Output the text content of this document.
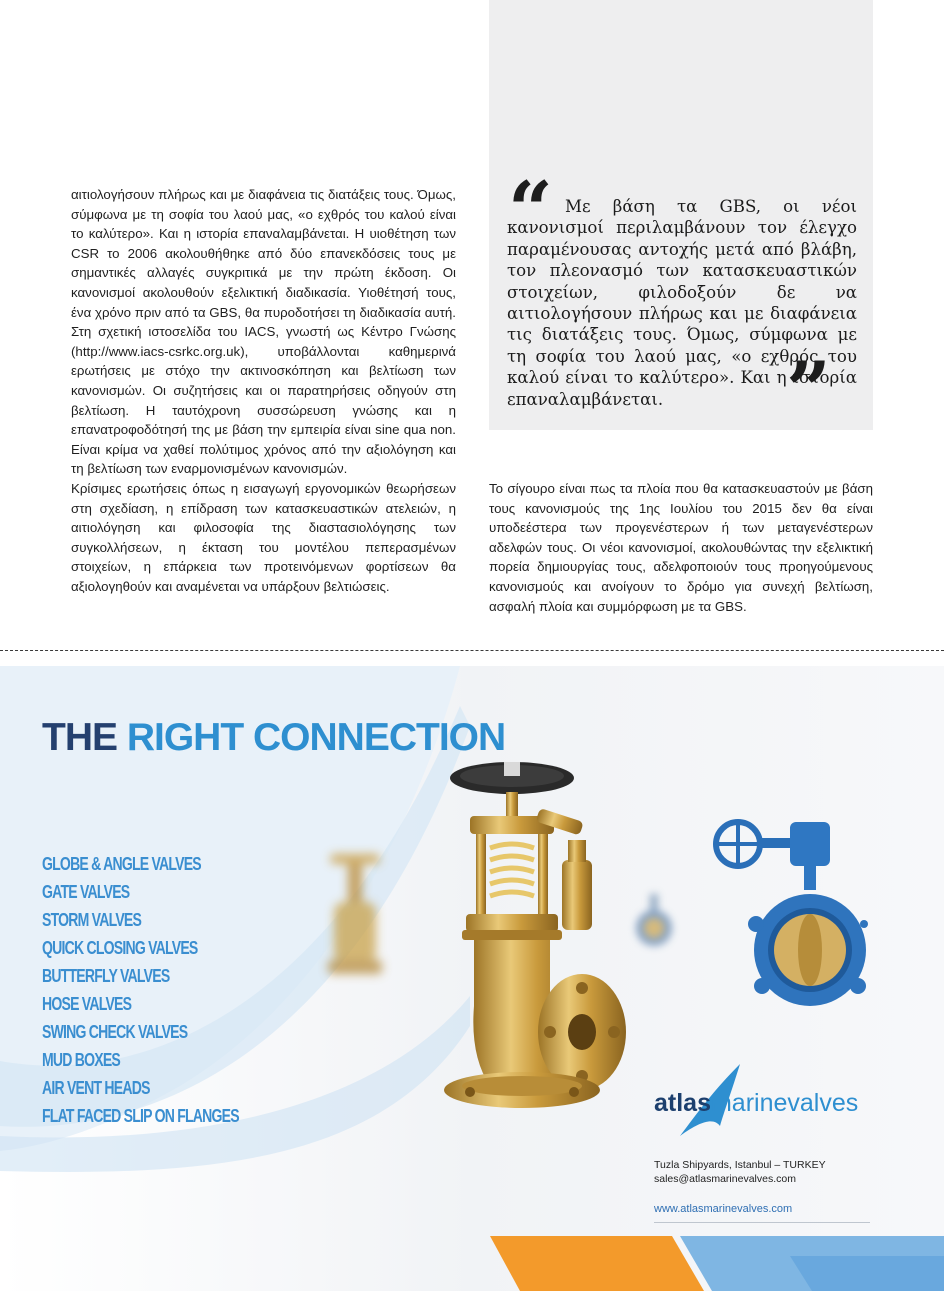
αιτιολογήσουν πλήρως και με διαφάνεια τις διατάξεις τους. Όμως, σύμφωνα με τη σοφία του λαού μας, «ο εχθρός του καλού είναι το καλύτερο». Και η ιστορία επαναλαμβάνεται. Η υιοθέτηση των CSR το 2006 ακολουθήθηκε από δύο επανεκδόσεις τους με σημαντικές αλλαγές συγκριτικά με την πρώτη έκδοση. Οι κανονισμοί ακολουθούν εξελικτική διαδικασία. Υιοθέτησή τους, ένα χρόνο πριν από τα GBS, θα πυροδοτήσει τη διαδικασία αυτή. Στη σχετική ιστοσελίδα του IACS, γνωστή ως Κέντρο Γνώσης (http://www.iacs-csrkc.org.uk), υποβάλλονται καθημερινά ερωτήσεις με στόχο την ακτινοσκόπηση και βελτίωση των κανονισμών. Οι συζητήσεις και οι παρατηρήσεις οδηγούν στη βελτίωση. Η ταυτόχρονη συσσώρευση γνώσης και η επανατροφοδότησή της με βάση την εμπειρία είναι sine qua non. Είναι κρίμα να χαθεί πολύτιμος χρόνος από την αξιολόγηση και τη βελτίωση των εναρμονισμένων κανονισμών.

Κρίσιμες ερωτήσεις όπως η εισαγωγή εργονομικών θεωρήσεων στη σχεδίαση, η επίδραση των κατασκευαστικών ατελειών, η αιτιολόγηση και φιλοσοφία της διαστασιολόγησης των συγκολλήσεων, η έκταση του μοντέλου πεπερασμένων στοιχείων, η επάρκεια των προτεινόμενων φορτίσεων θα αξιολογηθούν και αναμένεται να υπάρξουν βελτιώσεις.

“ Με βάση τα GBS, οι νέοι κανονισμοί περιλαμβάνουν τον έλεγχο παραμένουσας αντοχής μετά από βλάβη, τον πλεονασμό των κατασκευαστικών στοιχείων, φιλοδοξούν δε να αιτιολογήσουν πλήρως και με διαφάνεια τις διατάξεις τους. Όμως, σύμφωνα με τη σοφία του λαού μας, «ο εχθρός του καλού είναι το καλύτερο». Και η ιστορία επαναλαμβάνεται.	”

Το σίγουρο είναι πως τα πλοία που θα κατασκευαστούν με βάση τους κανονισμούς της 1ης Ιουλίου του 2015 δεν θα είναι υποδεέστερα των προγενέστερων ή των μεταγενέστερων αδελφών τους. Οι νέοι κανονισμοί, ακολουθώντας την εξελικτική πορεία δημιουργίας τους, αδελφοποιούν τους προηγούμενους κανονισμούς και ανοίγουν το δρόμο για συνεχή βελτίωση, ασφαλή πλοία και συμμόρφωση με τα GBS.

THE RIGHT CONNECTION
GLOBE & ANGLE VALVES
GATE VALVES
STORM VALVES
QUICK CLOSING VALVES
BUTTERFLY VALVES
HOSE VALVES
SWING CHECK VALVES
MUD BOXES
AIR VENT HEADS
FLAT FACED SLIP ON FLANGES	atlasmarinevalves
Tuzla Shipyards, Istanbul – TURKEY
sales@atlasmarinevalves.com
www.atlasmarinevalves.com
